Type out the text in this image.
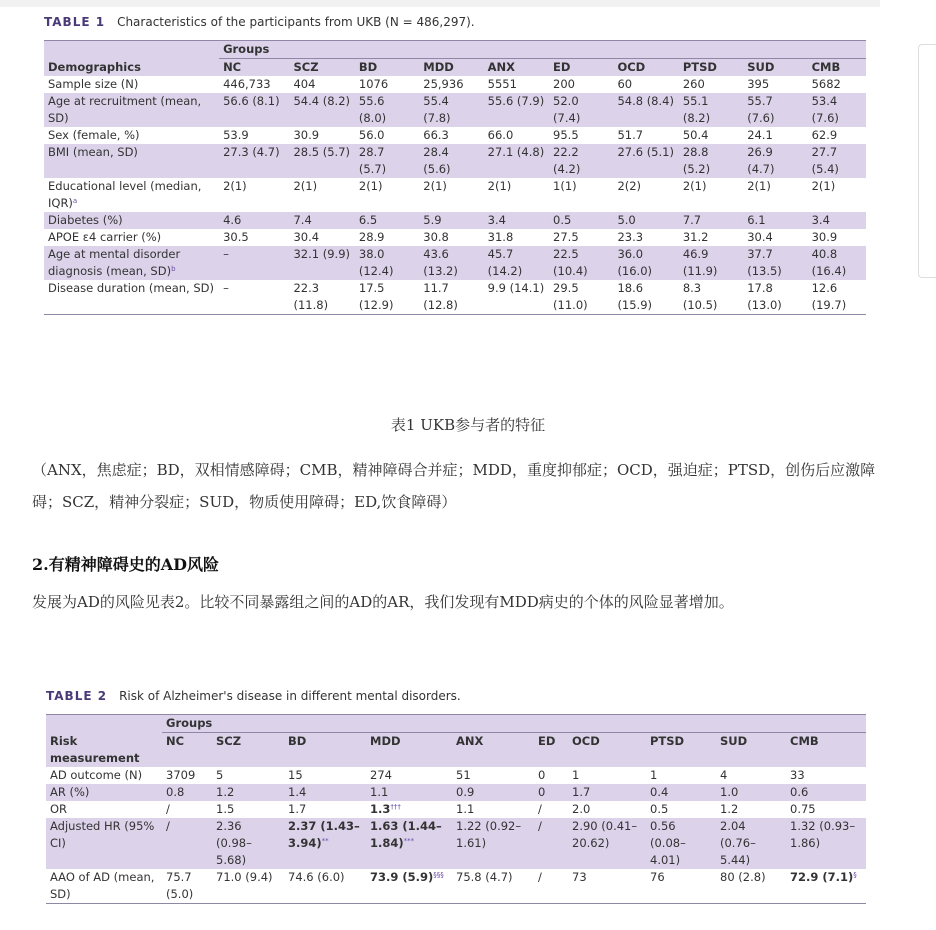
TABLE 1 Characteristics of the participants from UKB (N = 486,297).
	Groups									
Demographics	NC	SCZ	BD	MDD	ANX	ED	OCD	PTSD	SUD	CMB
Sample size (N)	446,733	404	1076	25,936	5551	200	60	260	395	5682
Age at recruitment (mean, SD)	56.6 (8.1)	54.4 (8.2)	55.6 (8.0)	55.4 (7.8)	55.6 (7.9)	52.0 (7.4)	54.8 (8.4)	55.1 (8.2)	55.7 (7.6)	53.4 (7.6)
Sex (female, %)	53.9	30.9	56.0	66.3	66.0	95.5	51.7	50.4	24.1	62.9
BMI (mean, SD)	27.3 (4.7)	28.5 (5.7)	28.7 (5.7)	28.4 (5.6)	27.1 (4.8)	22.2 (4.2)	27.6 (5.1)	28.8 (5.2)	26.9 (4.7)	27.7 (5.4)
Educational level (median, IQR)$^a$	2(1)	2(1)	2(1)	2(1)	2(1)	1(1)	2(2)	2(1)	2(1)	2(1)
Diabetes (%)	4.6	7.4	6.5	5.9	3.4	0.5	5.0	7.7	6.1	3.4
APOE ε4 carrier (%)	30.5	30.4	28.9	30.8	31.8	27.5	23.3	31.2	30.4	30.9
Age at mental disorder diagnosis (mean, SD)$^b$	–	32.1 (9.9)	38.0 (12.4)	43.6 (13.2)	45.7 (14.2)	22.5 (10.4)	36.0 (16.0)	46.9 (11.9)	37.7 (13.5)	40.8 (16.4)
Disease duration (mean, SD)	–	22.3 (11.8)	17.5 (12.9)	11.7 (12.8)	9.9 (14.1)	29.5 (11.0)	18.6 (15.9)	8.3 (10.5)	17.8 (13.0)	12.6 (19.7)
表1 UKB参与者的特征
（ANX，焦虑症；BD，双相情感障碍；CMB，精神障碍合并症；MDD，重度抑郁症；OCD，强迫症；PTSD，创伤后应激障碍；SCZ，精神分裂症；SUD，物质使用障碍；ED,饮食障碍）
2.有精神障碍史的AD风险
发展为AD的风险见表2。比较不同暴露组之间的AD的AR，我们发现有MDD病史的个体的风险显著增加。
TABLE 2 Risk of Alzheimer's disease in different mental disorders.
	Groups									
Risk measurement	NC	SCZ	BD	MDD	ANX	ED	OCD	PTSD	SUD	CMB
AD outcome (N)	3709	5	15	274	51	0	1	1	4	33
AR (%)	0.8	1.2	1.4	1.1	0.9	0	1.7	0.4	1.0	0.6
OR	/	1.5	1.7	1.3†††	1.1	/	2.0	0.5	1.2	0.75
Adjusted HR (95% CI)	/	2.36 (0.98–5.68)	2.37 (1.43–3.94)**	1.63 (1.44–1.84)***	1.22 (0.92–1.61)	/	2.90 (0.41–20.62)	0.56 (0.08–4.01)	2.04 (0.76–5.44)	1.32 (0.93–1.86)
AAO of AD (mean, SD)	75.7 (5.0)	71.0 (9.4)	74.6 (6.0)	73.9 (5.9)§§§	75.8 (4.7)	/	73	76	80 (2.8)	72.9 (7.1)§
